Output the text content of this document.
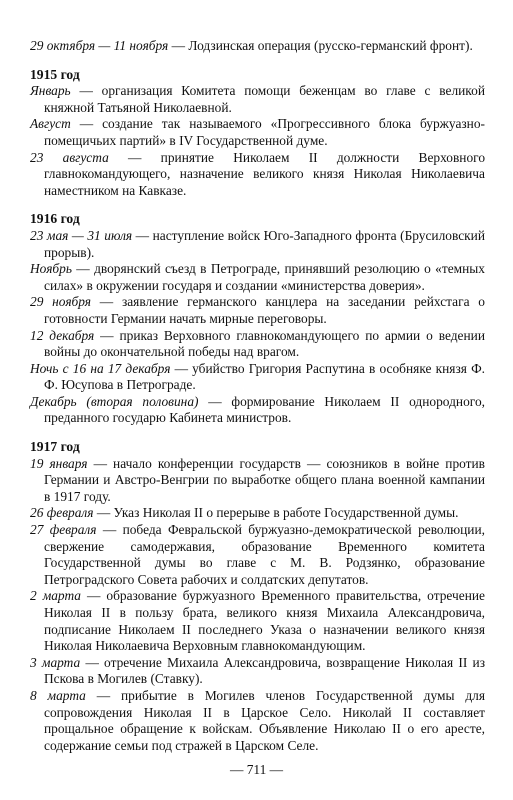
29 октября — 11 ноября — Лодзинская операция (русско-германский фронт).

1915 год

Январь — организация Комитета помощи беженцам во главе с великой княжной Татьяной Николаевной.

Август — создание так называемого «Прогрессивного блока буржуазно-помещичьих партий» в IV Государственной думе.

23 августа — принятие Николаем II должности Верховного главнокомандующего, назначение великого князя Николая Николаевича наместником на Кавказе.

1916 год

23 мая — 31 июля — наступление войск Юго-Западного фронта (Брусиловский прорыв).

Ноябрь — дворянский съезд в Петрограде, принявший резолюцию о «темных силах» в окружении государя и создании «министерства доверия».

29 ноября — заявление германского канцлера на заседании рейхстага о готовности Германии начать мирные переговоры.

12 декабря — приказ Верховного главнокомандующего по армии о ведении войны до окончательной победы над врагом.

Ночь с 16 на 17 декабря — убийство Григория Распутина в особняке князя Ф. Ф. Юсупова в Петрограде.

Декабрь (вторая половина) — формирование Николаем II однородного, преданного государю Кабинета министров.

1917 год

19 января — начало конференции государств — союзников в войне против Германии и Австро-Венгрии по выработке общего плана военной кампании в 1917 году.

26 февраля — Указ Николая II о перерыве в работе Государственной думы.

27 февраля — победа Февральской буржуазно-демократической революции, свержение самодержавия, образование Временного комитета Государственной думы во главе с М. В. Родзянко, образование Петроградского Совета рабочих и солдатских депутатов.

2 марта — образование буржуазного Временного правительства, отречение Николая II в пользу брата, великого князя Михаила Александровича, подписание Николаем II последнего Указа о назначении великого князя Николая Николаевича Верховным главнокомандующим.

3 марта — отречение Михаила Александровича, возвращение Николая II из Пскова в Могилев (Ставку).

8 марта — прибытие в Могилев членов Государственной думы для сопровождения Николая II в Царское Село. Николай II составляет прощальное обращение к войскам. Объявление Николаю II о его аресте, содержание семьи под стражей в Царском Селе.

— 711 —
